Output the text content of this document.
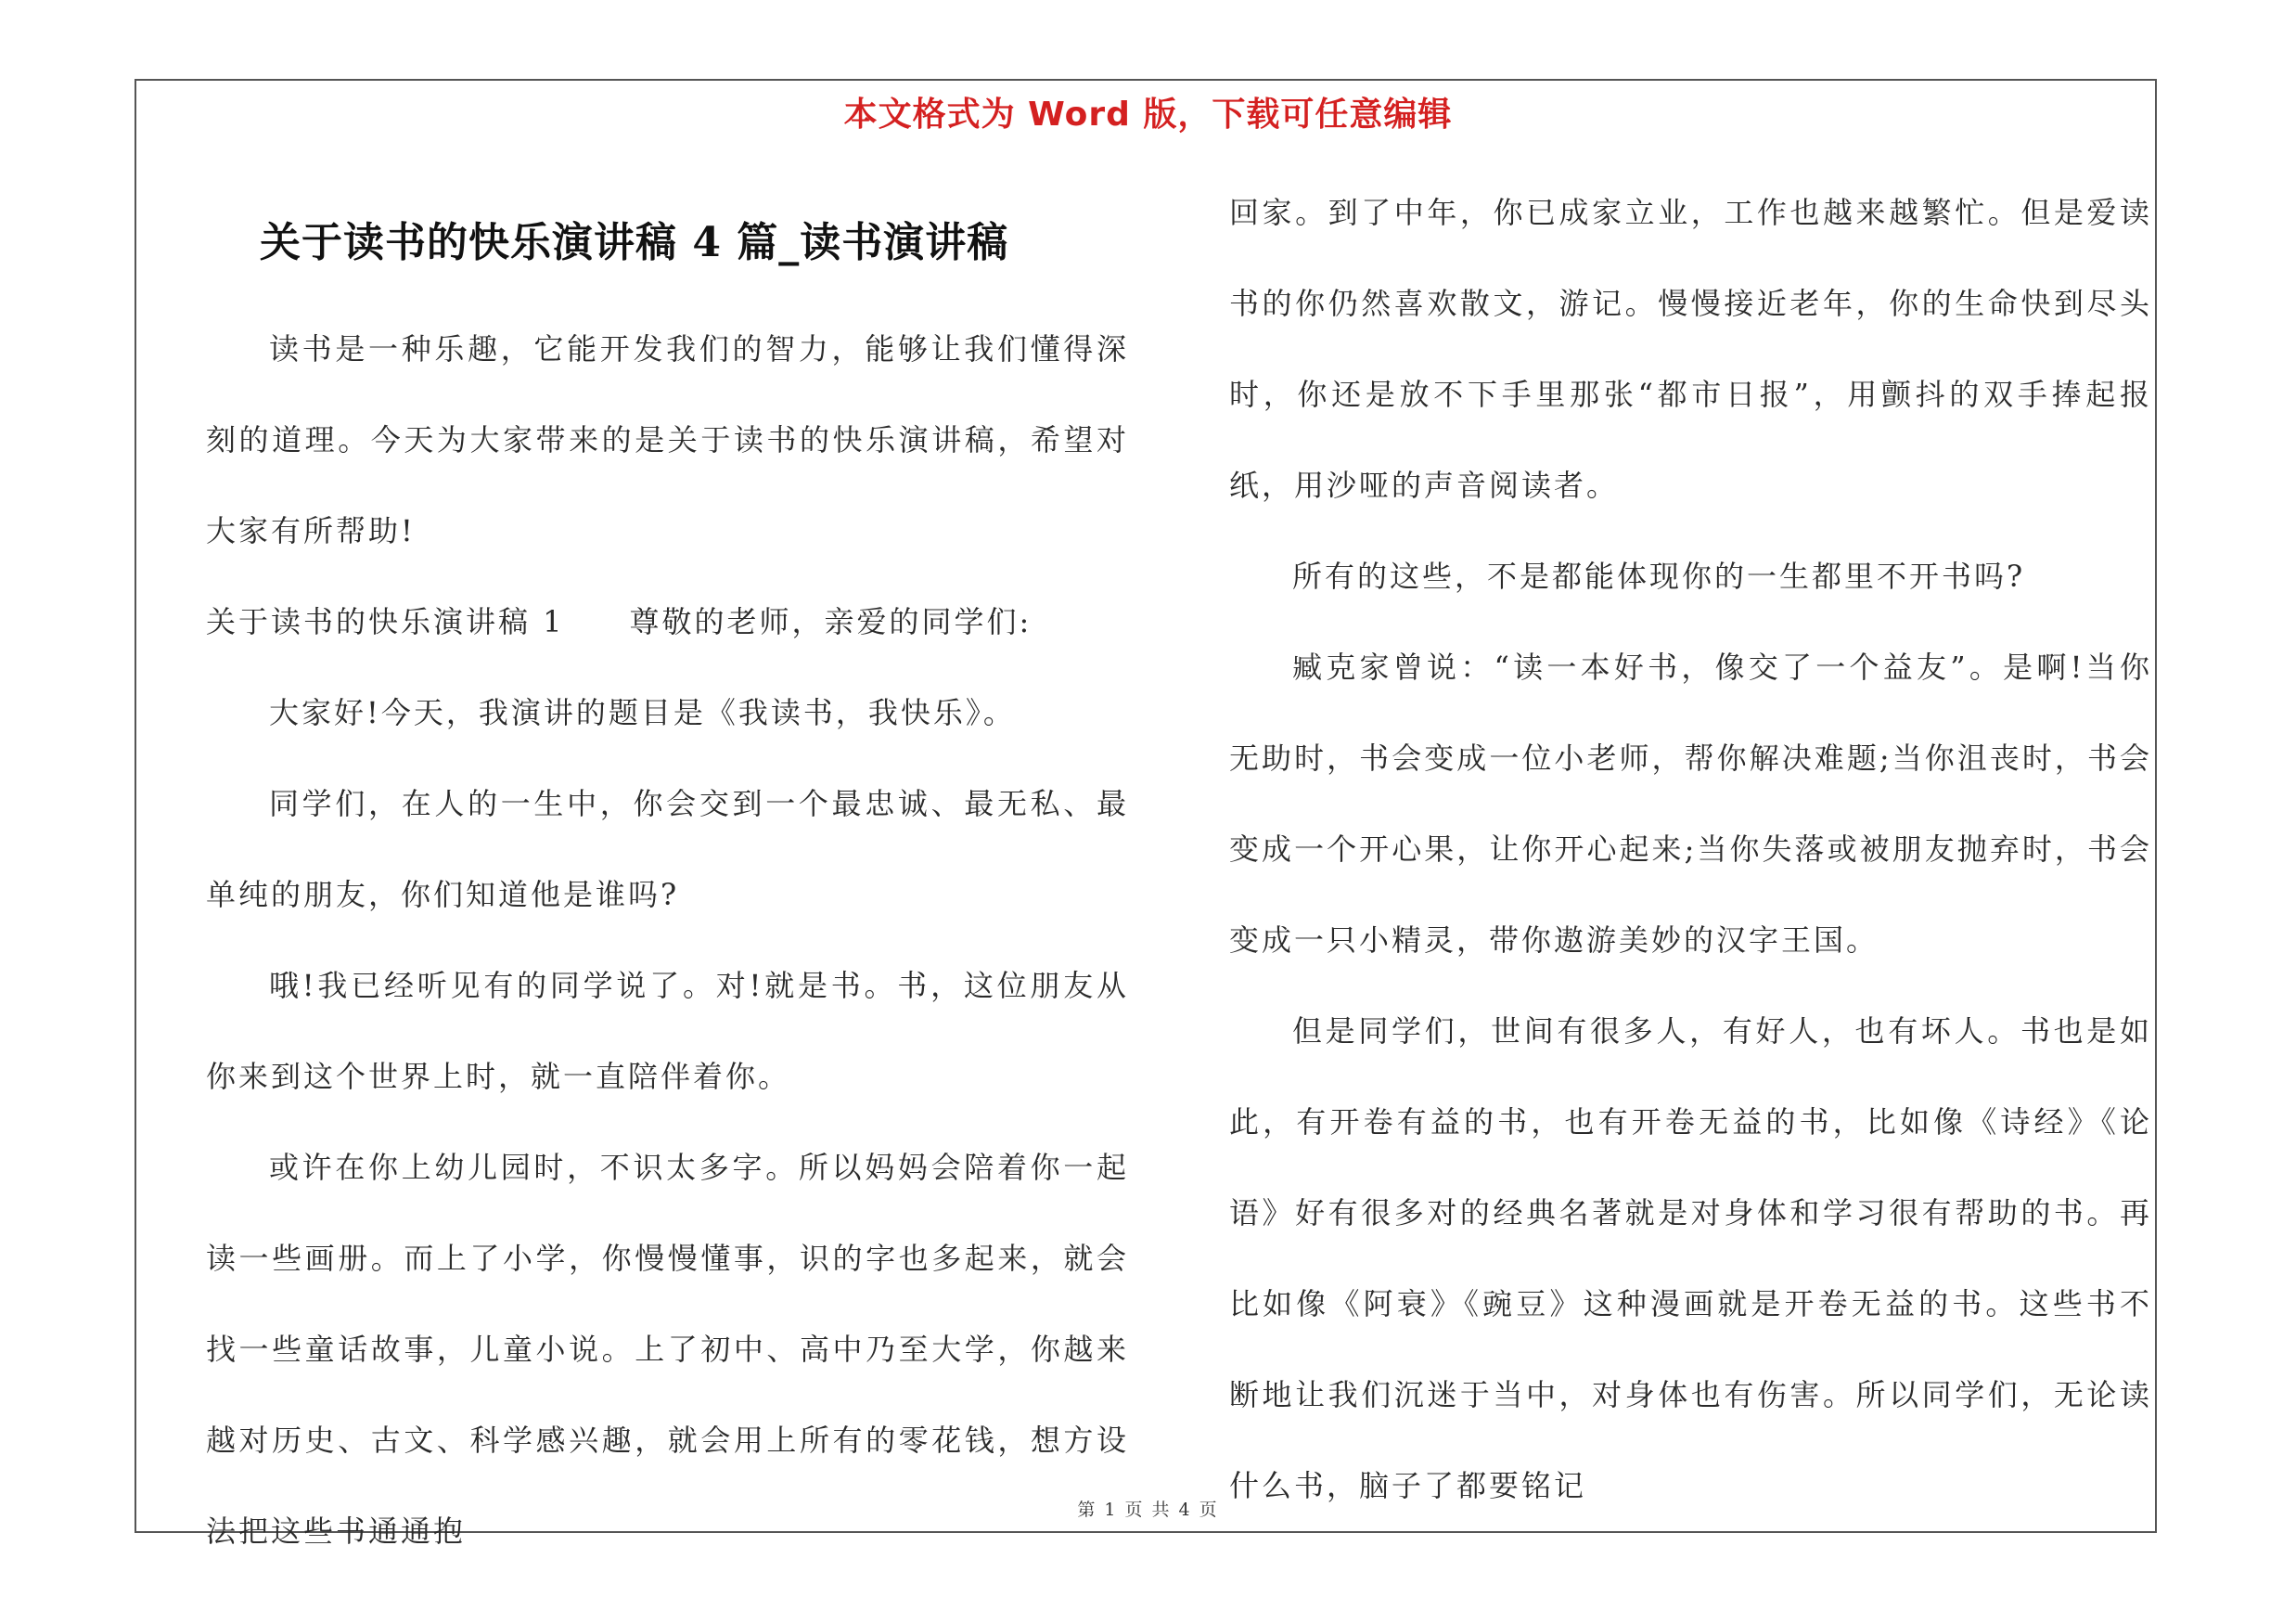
本文格式为 Word 版，下载可任意编辑
关于读书的快乐演讲稿 4 篇_读书演讲稿

读书是一种乐趣，它能开发我们的智力，能够让我们懂得深刻的道理。今天为大家带来的是关于读书的快乐演讲稿，希望对大家有所帮助!

关于读书的快乐演讲稿 1　　尊敬的老师，亲爱的同学们:

大家好!今天，我演讲的题目是《我读书，我快乐》。

同学们，在人的一生中，你会交到一个最忠诚、最无私、最单纯的朋友，你们知道他是谁吗?

哦!我已经听见有的同学说了。对!就是书。书，这位朋友从你来到这个世界上时，就一直陪伴着你。

或许在你上幼儿园时，不识太多字。所以妈妈会陪着你一起读一些画册。而上了小学，你慢慢懂事，识的字也多起来，就会找一些童话故事，儿童小说。上了初中、高中乃至大学，你越来越对历史、古文、科学感兴趣，就会用上所有的零花钱，想方设法把这些书通通抱

回家。到了中年，你已成家立业，工作也越来越繁忙。但是爱读书的你仍然喜欢散文，游记。慢慢接近老年，你的生命快到尽头时，你还是放不下手里那张“都市日报”，用颤抖的双手捧起报纸，用沙哑的声音阅读者。

所有的这些，不是都能体现你的一生都里不开书吗?

臧克家曾说：“读一本好书，像交了一个益友”。是啊!当你无助时，书会变成一位小老师，帮你解决难题;当你沮丧时，书会变成一个开心果，让你开心起来;当你失落或被朋友抛弃时，书会变成一只小精灵，带你遨游美妙的汉字王国。

但是同学们，世间有很多人，有好人，也有坏人。书也是如此，有开卷有益的书，也有开卷无益的书，比如像《诗经》《论语》好有很多对的经典名著就是对身体和学习很有帮助的书。再比如像《阿衰》《豌豆》这种漫画就是开卷无益的书。这些书不断地让我们沉迷于当中，对身体也有伤害。所以同学们，无论读什么书，脑子了都要铭记

第 1 页 共 4 页
